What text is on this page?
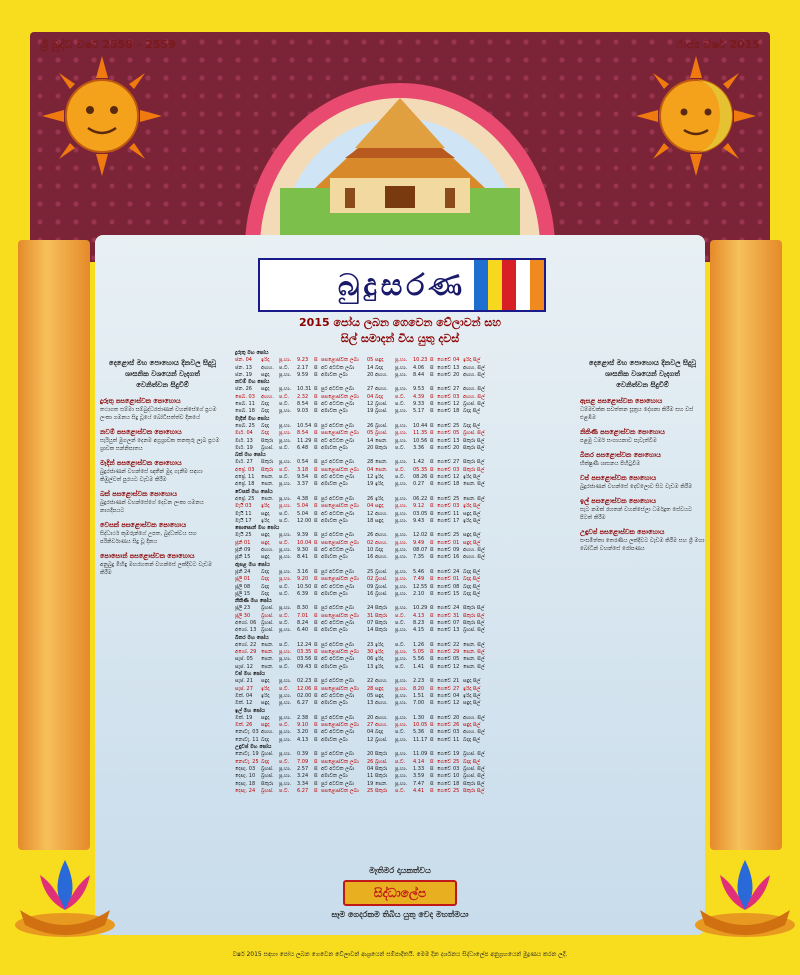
ශ්‍රී බුද්ධ වර්ෂ 2558 - 2559	රාජ්‍ය වර්ෂ 2015
බුදුසරණ
2015 පෝය ලබන ගෙවෙන වේලාවන් සහ
සිල් සමාදන් විය යුතු දවස්
දුරුතු මහ පෝය
ජන. 04	ඉරිදා	පූ.භා.	9.23	සි පසළොස්වක ලබා	05 සඳුදා	පූ.භා.	10.23 සි ගෙවේ 04 ඉරිදා සිල්
ජන. 13	අඟහ.	ප.ව.	2.17	සි අව අටවක ලබා	14 බදාදා	පූ.භා.	4.06	සි ගෙවේ 13 අඟහ. සිල්
ජන. 19	සඳුදා	පූ.භා.	9.59	සි අමාවක ලබා	20 අඟහ.	පූ.භා.	8.44	සි ගෙවේ 20 අඟහ. සිල්
නවම් මහ පෝය
ජන. 26	සඳුදා	පූ.භා.	10.31 සි පුර අටවක ලබා	27 අඟහ.	පූ.භා.	9.53	සි ගෙවේ 27 අඟහ. සිල්
පෙබ. 03	අඟහ.	ප.ව.	2.32	සි පසළොස්වක ලබා	04 බදාදා	ප.ව.	4.39	සි ගෙවේ 03 අඟහ. සිල්
පෙබ. 11	බදාදා	ප.ව.	8.54	සි අව අටවක ලබා	12 බ්‍රහස්.	ප.ව.	9.33	සි ගෙවේ 12 බ්‍රහස්. සිල්
පෙබ. 18	බදාදා	පූ.භා.	9.03	සි අමාවක ලබා	19 බ්‍රහස්.	පූ.භා.	5.17	සි ගෙවේ 18 බදාදා සිල්
මැදින් මහ පෝය
පෙබ. 25	බදාදා	පූ.භා.	10.54 සි පුර අටවක ලබා	26 බ්‍රහස්.	පූ.භා.	10.44 සි ගෙවේ 25 බදාදා සිල්
මාර්. 04	බදාදා	පූ.භා.	8.54	සි පසළොස්වක ලබා	05 බ්‍රහස්.	පූ.භා.	11.35 සි ගෙවේ 05 බ්‍රහස්. සිල්
මාර්. 13	සිකුරා	පූ.භා.	11.29 සි අව අටවක ලබා	14 සෙන.	පූ.භා.	10.56 සි ගෙවේ 13 සිකුරා සිල්
මාර්. 19	බ්‍රහස්.	ප.ව.	6.48	සි අමාවක ලබා	20 සිකුරා	ප.ව.	3.36	සි ගෙවේ 20 සිකුරා සිල්
බක් මහ පෝය
මාර්. 27	සිකුරා	පූ.භා.	0.54	සි පුර අටවක ලබා	28 සෙන.	පූ.භා.	1.42	සි ගෙවේ 27 සිකුරා සිල්
අප්‍රේ. 03	සිකුරා	ප.ව.	3.18	සි පසළොස්වක ලබා	04 සෙන.	ප.ව.	05.35 සි ගෙවේ 03 සිකුරා සිල්
අප්‍රේ. 11	සෙන.	ප.ව.	9.54	සි අව අටවක ලබා	12 ඉරිදා	ප.ව.	08.26 සි ගෙවේ 12 ඉරිදා සිල්
අප්‍රේ. 18	සෙන.	පූ.භා.	3.37	සි අමාවක ලබා	19 ඉරිදා	පූ.භා.	0.27	සි ගෙවේ 18 සෙන. සිල්
වෙසක් මහ පෝය
අප්‍රේ. 25	සෙන.	පූ.භා.	4.38	සි පුර අටවක ලබා	26 ඉරිදා	පූ.භා.	06.22 සි ගෙවේ 25 සෙන. සිල්
මැයි 03	ඉරිදා	පූ.භා.	5.04	සි පසළොස්වක ලබා	04 සඳුදා	පූ.භා.	9.12	සි ගෙවේ 03 ඉරිදා සිල්
මැයි 11	සඳුදා	ප.ව.	5.04	සි අව අටවක ලබා	12 අඟහ.	පූ.භා.	03.05 සි ගෙවේ 11 සඳුදා සිල්
මැයි 17	ඉරිදා	ප.ව.	12.00 සි අමාවක ලබා	18 සඳුදා	පූ.භා.	9.43	සි ගෙවේ 17 ඉරිදා සිල්
පොසොන් මහ පෝය
මැයි 25	සඳුදා	පූ.භා.	9.39	සි පුර අටවක ලබා	26 අඟහ.	පූ.භා.	12.02 සි ගෙවේ 25 සඳුදා සිල්
ජූනි 01	සඳුදා	ප.ව.	10.04 සි පසළොස්වක ලබා	02 අඟහ.	පූ.භා.	9.49	සි ගෙවේ 01 සඳුදා සිල්
ජූනි 09	අඟහ.	පූ.භා.	9.30	සි අව අටවක ලබා	10 බදාදා	පූ.භා.	08.07 සි ගෙවේ 09 අඟහ. සිල්
ජූනි 15	සඳුදා	පූ.භා.	8.41	සි අමාවක ලබා	16 අඟහ.	පූ.භා.	7.35	සි ගෙවේ 16 අඟහ. සිල්
ඇසළ මහ පෝය
ජූනි 24	බදාදා	පූ.භා.	3.16	සි පුර අටවක ලබා	25 බ්‍රහස්.	පූ.භා.	5.46	සි ගෙවේ 24 බදාදා සිල්
ජූලි 01	බදාදා	පූ.භා.	9.20	සි පසළොස්වක ලබා	02 බ්‍රහස්.	පූ.භා.	7.49	සි ගෙවේ 01 බදාදා සිල්
ජූලි 08	බදාදා	ප.ව.	10.50 සි අව අටවක ලබා	09 බ්‍රහස්.	පූ.භා.	12.55 සි ගෙවේ 08 බදාදා සිල්
ජූලි 15	බදාදා	ප.ව.	6.39	සි අමාවක ලබා	16 බ්‍රහස්.	පූ.භා.	2.10	සි ගෙවේ 15 බදාදා සිල්
නිකිණි මහ පෝය
ජූලි 23	බ්‍රහස්.	පූ.භා.	8.30	සි පුර අටවක ලබා	24 සිකුරා	පූ.භා.	10.29 සි ගෙවේ 24 සිකුරා සිල්
ජූලි 30	බ්‍රහස්.	ප.ව.	7.01	සි පසළොස්වක ලබා	31 සිකුරා	ප.ව.	4.13	සි ගෙවේ 31 සිකුරා සිල්
අගෝ. 06 බ්‍රහස්.	ප.ව.	8.24	සි අව අටවක ලබා	07 සිකුරා	ප.ව.	8.23	සි ගෙවේ 07 සිකුරා සිල්
අගෝ. 13 බ්‍රහස්.	පූ.භා.	6.40	සි අමාවක ලබා	14 සිකුරා	පූ.භා.	4.15	සි ගෙවේ 13 බ්‍රහස්. සිල්
බිනර මහ පෝය
අගෝ. 22 සෙන.	ප.ව.	12.24 සි පුර අටවක ලබා	23 ඉරිදා	ප.ව.	1.26	සි ගෙවේ 22 සෙන. සිල්
අගෝ. 29 සෙන.	පූ.භා.	03.35 සි පසළොස්වක ලබා	30 ඉරිදා	පූ.භා.	5.05	සි ගෙවේ 29 සෙන. සිල්
සැප්. 05	සෙන.	පූ.භා.	03.56 සි අව අටවක ලබා	06 ඉරිදා	පූ.භා.	5.56	සි ගෙවේ 05 සෙන. සිල්
සැප්. 12	සෙන.	ප.ව.	09.43 සි අමාවක ලබා	13 ඉරිදා	ප.ව.	1.41	සි ගෙවේ 12 සෙන. සිල්
වප් මහ පෝය
සැප්. 21	සඳුදා	පූ.භා.	02.23 සි පුර අටවක ලබා	22 අඟහ.	පූ.භා.	2.23	සි ගෙවේ 21 සඳුදා සිල්
සැප්. 27	ඉරිදා	ප.ව.	12.06 සි පසළොස්වක ලබා	28 සඳුදා	පූ.භා.	8.20	සි ගෙවේ 27 ඉරිදා සිල්
ඔක්. 04	ඉරිදා	පූ.භා.	02.00 සි අව අටවක ලබා	05 සඳුදා	පූ.භා.	1.51	සි ගෙවේ 04 ඉරිදා සිල්
ඔක්. 12	සඳුදා	පූ.භා.	6.27	සි අමාවක ලබා	13 අඟහ.	පූ.භා.	7.00	සි ගෙවේ 12 සඳුදා සිල්
ඉල් මහ පෝය
ඔක්. 19	සඳුදා	පූ.භා.	2.38	සි පුර අටවක ලබා	20 අඟහ.	පූ.භා.	1.30	සි ගෙවේ 20 අඟහ. සිල්
ඔක්. 26	සඳුදා	ප.ව.	9.10	සි පසළොස්වක ලබා	27 අඟහ.	පූ.භා.	10.05 සි ගෙවේ 26 සඳුදා සිල්
නොවැ. 03 අඟහ.	පූ.භා.	3.20	සි අව අටවක ලබා	04 බදාදා	ප.ව.	5.36	සි ගෙවේ 03 අඟහ. සිල්
නොවැ. 11 බදාදා	පූ.භා.	4.13	සි අමාවක ලබා	12 බ්‍රහස්.	පූ.භා.	11.17 සි ගෙවේ 11 බදාදා සිල්
උඳුවප් මහ පෝය
නොවැ. 19 බ්‍රහස්.	පූ.භා.	0.39	සි පුර අටවක ලබා	20 සිකුරා	පූ.භා.	11.09 සි ගෙවේ 19 බ්‍රහස්. සිල්
නොවැ. 25 බදාදා	ප.ව.	7.09	සි පසළොස්වක ලබා	26 බ්‍රහස්.	ප.ව.	4.14	සි ගෙවේ 25 බදාදා සිල්
දෙසැ. 03	බ්‍රහස්.	පූ.භා.	2.57	සි අව අටවක ලබා	04 සිකුරා	පූ.භා.	1.33	සි ගෙවේ 03 බ්‍රහස්. සිල්
දෙසැ. 10	බ්‍රහස්.	පූ.භා.	3.24	සි අමාවක ලබා	11 සිකුරා	පූ.භා.	3.59	සි ගෙවේ 10 බ්‍රහස්. සිල්
දෙසැ. 18	සිකුරා	පූ.භා.	3.34	සි පුර අටවක ලබා	19 සෙන.	පූ.භා.	7.47	සි ගෙවේ 18 සිකුරා සිල්
දෙසැ. 24	බ්‍රහස්.	ප.ව.	6.27	සි පසළොස්වක ලබා	25 සිකුරා	ප.ව.	4.41	සි ගෙවේ 25 සිකුරා සිල්
දෙළොස් මහ පොහොය දිනවල සිදුවූ
ශාසනික වශයෙන් වැදගත්
වෙනිත්වන සිදුවීම්
දුරුතු පසළොස්වක පොහොය
තථාගත සම්මා සම්බුද්ධරජාණන් වහන්සේගේ ප්‍රථම ලංකා ගමනය සිදු වූයේ බෝධිසත්ත්ව දිනයේ
නවම් පසළොස්වක පොහොය
සැරියුත් මුගලන් දෙනම අග්‍රශ්‍රාවක තනතුරු ලැබ ප්‍රථම ශ්‍රාවක සන්නිපාතය
මැදින් පසළොස්වක පොහොය
බුදුරජාණන් වහන්සේ ඥාතීන් මුදා ගැනීම සඳහා කිඹුල්වත් පුරයට වැඩම කිරීම
බක් පසළොස්වක පොහොය
බුදුරජාණන් වහන්සේගේ දෙවන ලංකා ගමනය නාගදීපයට
වෙසක් පසළොස්වක පොහොය
සිද්ධාර්ථ කුමරුන්ගේ උපත, බුද්ධත්වය සහ පරිනිර්වාණය සිදු වූ දිනය
පොසොන් පසළොස්වක පොහොය
අනුබුදු මිහිඳු මහරහතන් වහන්සේ ලක්දිවට වැඩම කිරීම
දෙළොස් මහ පොහොය දිනවල සිදුවූ
ශාසනික වශයෙන් වැදගත්
වෙනිත්වන සිදුවීම්
ඇසළ පසළොස්වක පොහොය
ධම්මචක්ක පවත්තන සූත්‍රය දේශනා කිරීම සහ වස් එළඹීම
නිකිණි පසළොස්වක පොහොය
පළමු ධර්ම සංගායනාව පැවැත්වීම
බිනර පසළොස්වක පොහොය
භික්ෂුණී ශාසනය පිහිටුවීම
වප් පසළොස්වක පොහොය
බුදුරජාණන් වහන්සේ දෙව්ලොව සිට වැඩම කිරීම
ඉල් පසළොස්වක පොහොය
සැට නමක් රහතන් වහන්සේලා ධර්මදූත සේවයට පිටත් කිරීම
උඳුවප් පසළොස්වක පොහොය
සංඝමිත්තා තෙරණිය ලක්දිවට වැඩම කිරීම සහ ශ්‍රී මහා බෝධීන් වහන්සේ රෝපණය
මෑතිමර දායකත්වය
සිද්ධාලේප
සෑම ගෙදරකම තිබිය යුතු වෙද මහත්මයා
වර්ෂ 2015 සඳහා පෝය ලබන ගෙවෙන වේලාවන් ආශ්‍රයෙන් සම්පාදිතයි. මෙම දින දර්ශනය සිද්ධාලේප අනුග්‍රහයෙන් මුද්‍රණය කරන ලදී.
